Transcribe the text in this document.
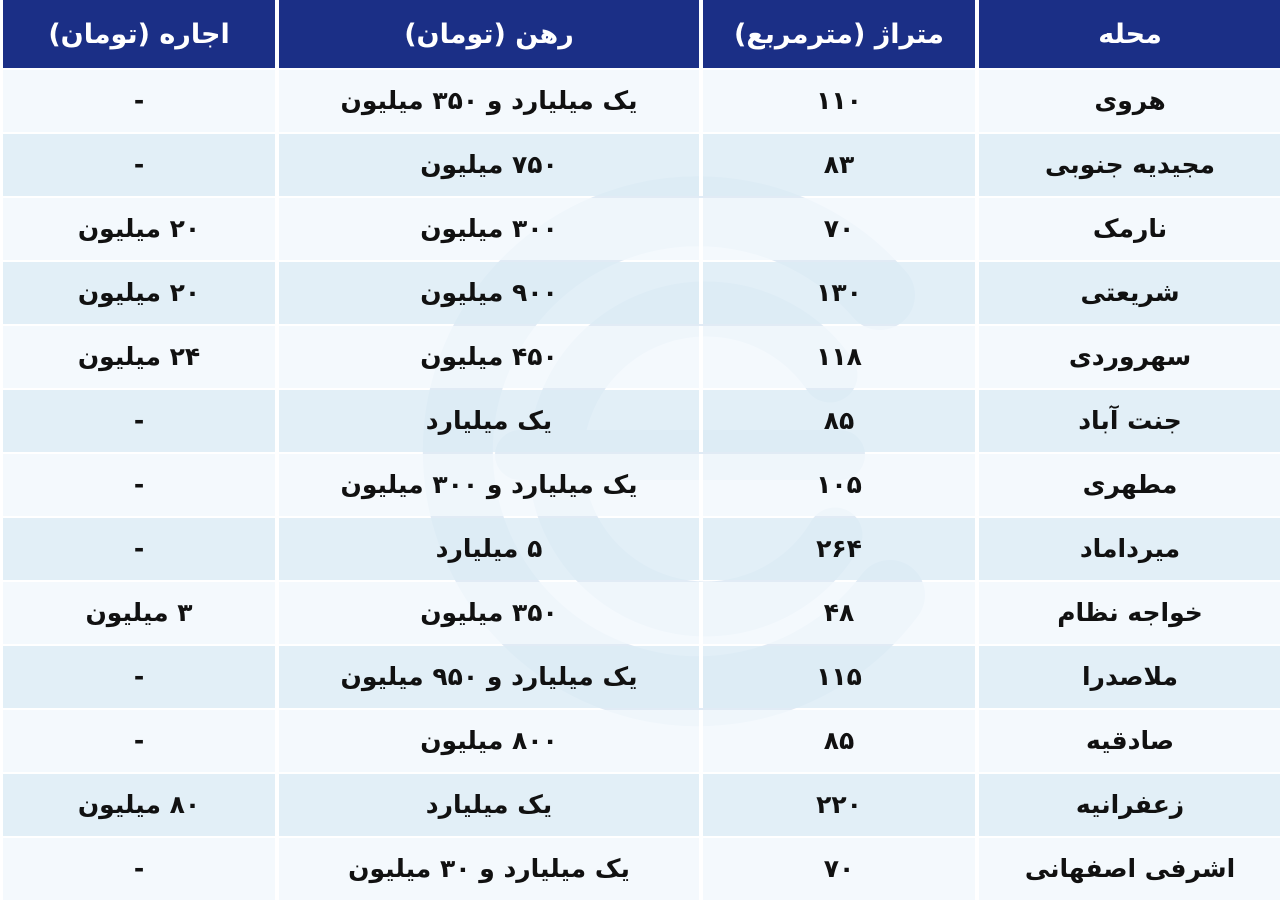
اجاره (تومان)	رهن (تومان)	متراژ (مترمربع)	محله
-	یک میلیارد و ۳۵۰ میلیون	۱۱۰	هروی
-	۷۵۰ میلیون	۸۳	مجیدیه جنوبی
۲۰ میلیون	۳۰۰ میلیون	۷۰	نارمک
۲۰ میلیون	۹۰۰ میلیون	۱۳۰	شریعتی
۲۴ میلیون	۴۵۰ میلیون	۱۱۸	سهروردی
-	یک میلیارد	۸۵	جنت آباد
-	یک میلیارد و ۳۰۰ میلیون	۱۰۵	مطهری
-	۵ میلیارد	۲۶۴	میرداماد
۳ میلیون	۳۵۰ میلیون	۴۸	خواجه نظام
-	یک میلیارد و ۹۵۰ میلیون	۱۱۵	ملاصدرا
-	۸۰۰ میلیون	۸۵	صادقیه
۸۰ میلیون	یک میلیارد	۲۲۰	زعفرانیه
-	یک میلیارد و ۳۰ میلیون	۷۰	اشرفی اصفهانی
